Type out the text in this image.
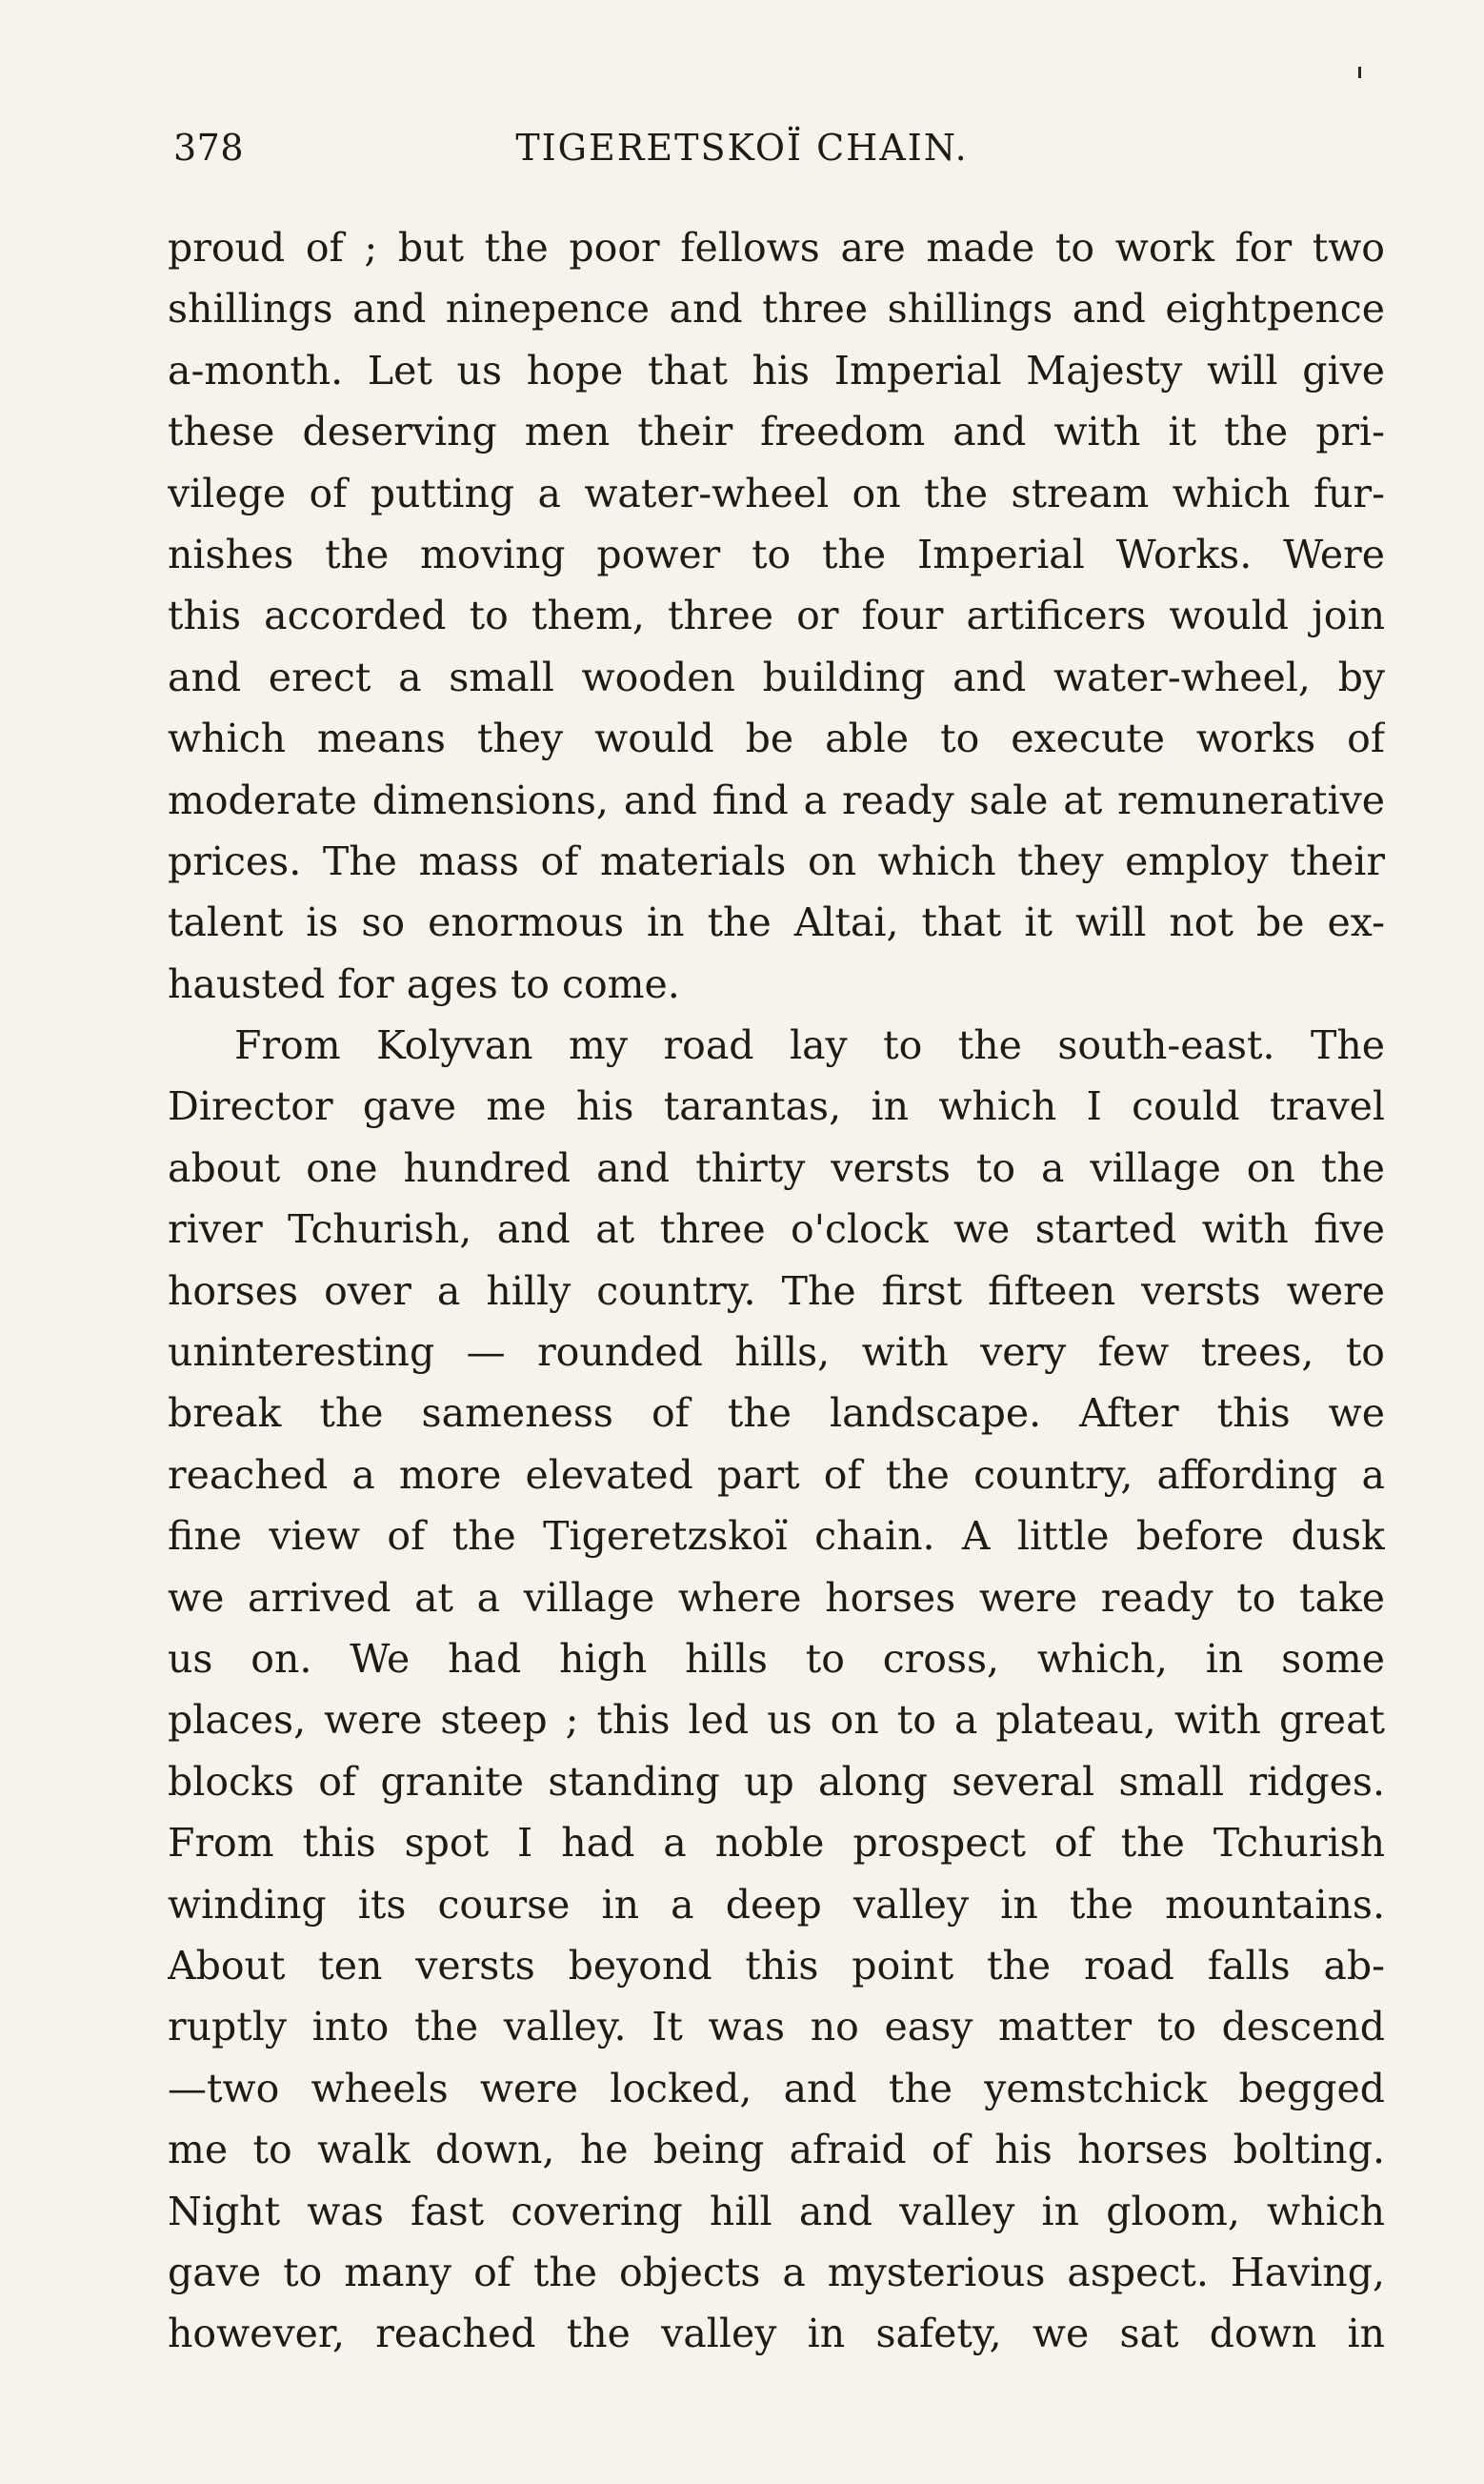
378	TIGERETSKOÏ CHAIN.
proud of ; but the poor fellows are made to work for two
shillings and ninepence and three shillings and eightpence
a-month. Let us hope that his Imperial Majesty will give
these deserving men their freedom and with it the pri-
vilege of putting a water-wheel on the stream which fur-
nishes the moving power to the Imperial Works. Were
this accorded to them, three or four artificers would join
and erect a small wooden building and water-wheel, by
which means they would be able to execute works of
moderate dimensions, and find a ready sale at remunerative
prices. The mass of materials on which they employ their
talent is so enormous in the Altai, that it will not be ex-
hausted for ages to come.
From Kolyvan my road lay to the south-east. The
Director gave me his tarantas, in which I could travel
about one hundred and thirty versts to a village on the
river Tchurish, and at three o'clock we started with five
horses over a hilly country. The first fifteen versts were
uninteresting — rounded hills, with very few trees, to
break the sameness of the landscape. After this we
reached a more elevated part of the country, affording a
fine view of the Tigeretzskoï chain. A little before dusk
we arrived at a village where horses were ready to take
us on. We had high hills to cross, which, in some
places, were steep ; this led us on to a plateau, with great
blocks of granite standing up along several small ridges.
From this spot I had a noble prospect of the Tchurish
winding its course in a deep valley in the mountains.
About ten versts beyond this point the road falls ab-
ruptly into the valley. It was no easy matter to descend
—two wheels were locked, and the yemstchick begged
me to walk down, he being afraid of his horses bolting.
Night was fast covering hill and valley in gloom, which
gave to many of the objects a mysterious aspect. Having,
however, reached the valley in safety, we sat down in
